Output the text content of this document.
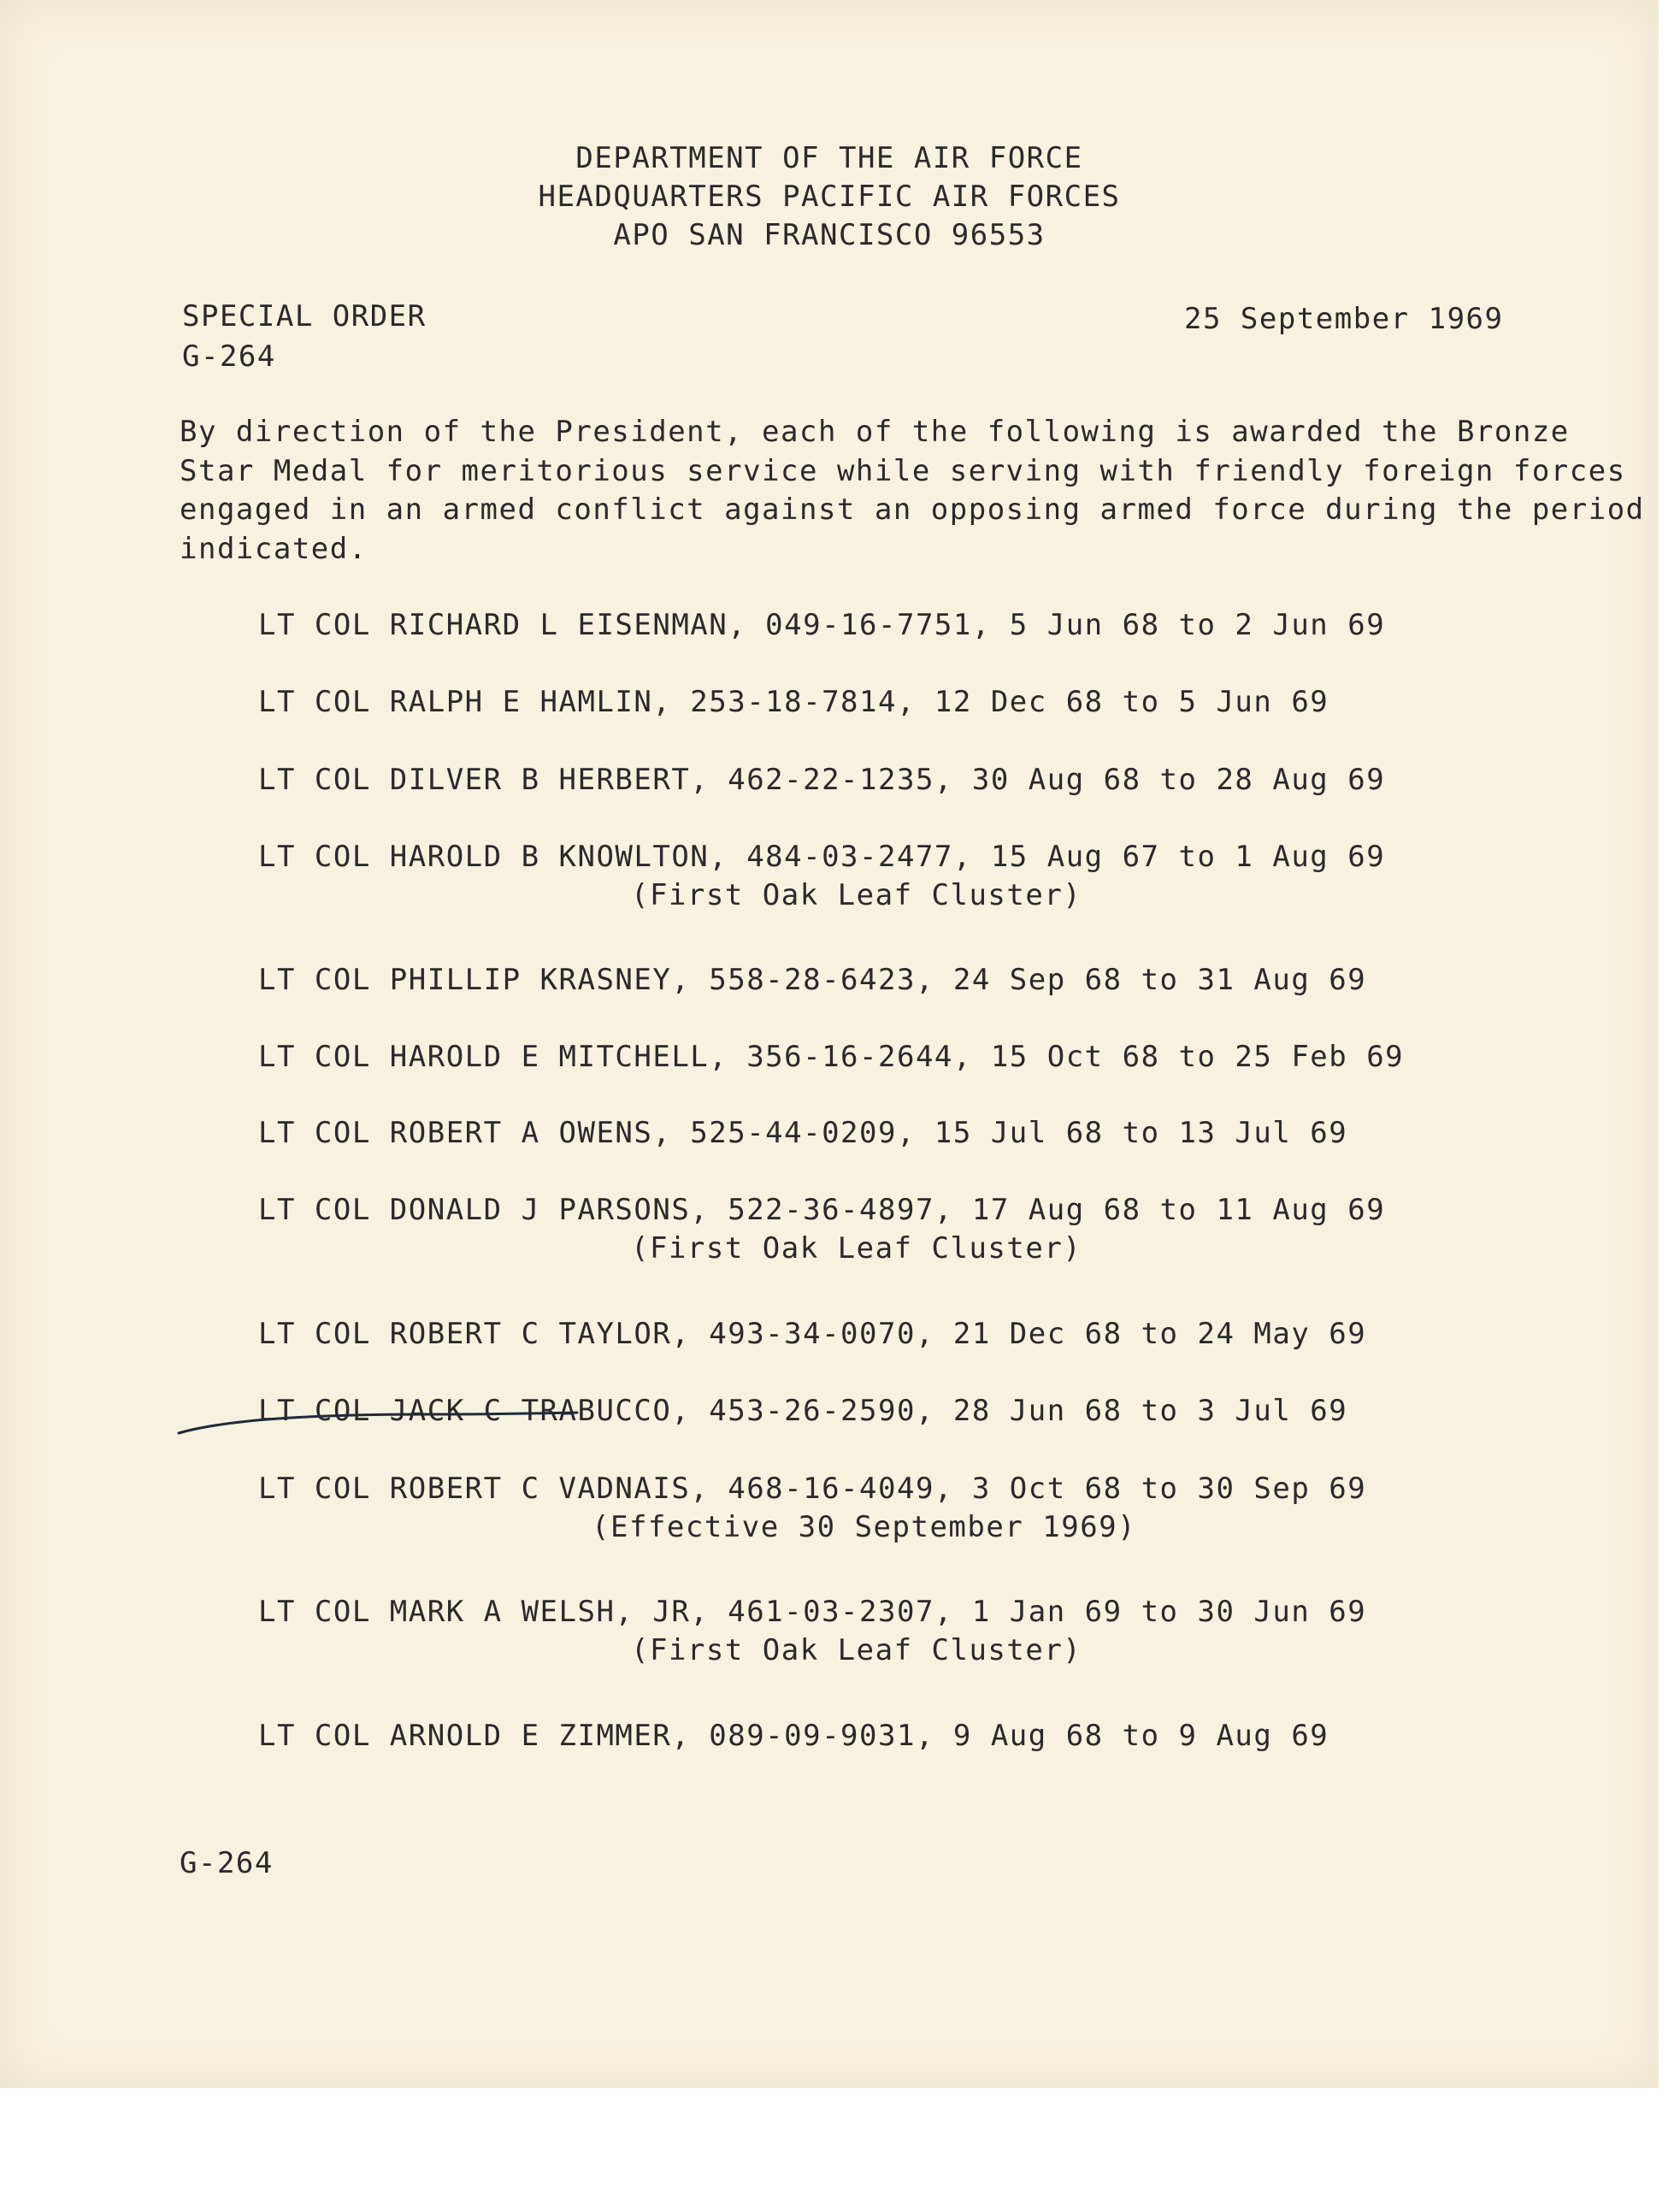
DEPARTMENT OF THE AIR FORCE
HEADQUARTERS PACIFIC AIR FORCES
APO SAN FRANCISCO 96553
SPECIAL ORDER
G-264
25 September 1969
By direction of the President, each of the following is awarded the Bronze
Star Medal for meritorious service while serving with friendly foreign forces
engaged in an armed conflict against an opposing armed force during the period
indicated.
LT COL RICHARD L EISENMAN, 049-16-7751, 5 Jun 68 to 2 Jun 69
LT COL RALPH E HAMLIN, 253-18-7814, 12 Dec 68 to 5 Jun 69
LT COL DILVER B HERBERT, 462-22-1235, 30 Aug 68 to 28 Aug 69
LT COL HAROLD B KNOWLTON, 484-03-2477, 15 Aug 67 to 1 Aug 69
(First Oak Leaf Cluster)
LT COL PHILLIP KRASNEY, 558-28-6423, 24 Sep 68 to 31 Aug 69
LT COL HAROLD E MITCHELL, 356-16-2644, 15 Oct 68 to 25 Feb 69
LT COL ROBERT A OWENS, 525-44-0209, 15 Jul 68 to 13 Jul 69
LT COL DONALD J PARSONS, 522-36-4897, 17 Aug 68 to 11 Aug 69
(First Oak Leaf Cluster)
LT COL ROBERT C TAYLOR, 493-34-0070, 21 Dec 68 to 24 May 69
LT COL JACK C TRABUCCO, 453-26-2590, 28 Jun 68 to 3 Jul 69
LT COL ROBERT C VADNAIS, 468-16-4049, 3 Oct 68 to 30 Sep 69
(Effective 30 September 1969)
LT COL MARK A WELSH, JR, 461-03-2307, 1 Jan 69 to 30 Jun 69
(First Oak Leaf Cluster)
LT COL ARNOLD E ZIMMER, 089-09-9031, 9 Aug 68 to 9 Aug 69
G-264
